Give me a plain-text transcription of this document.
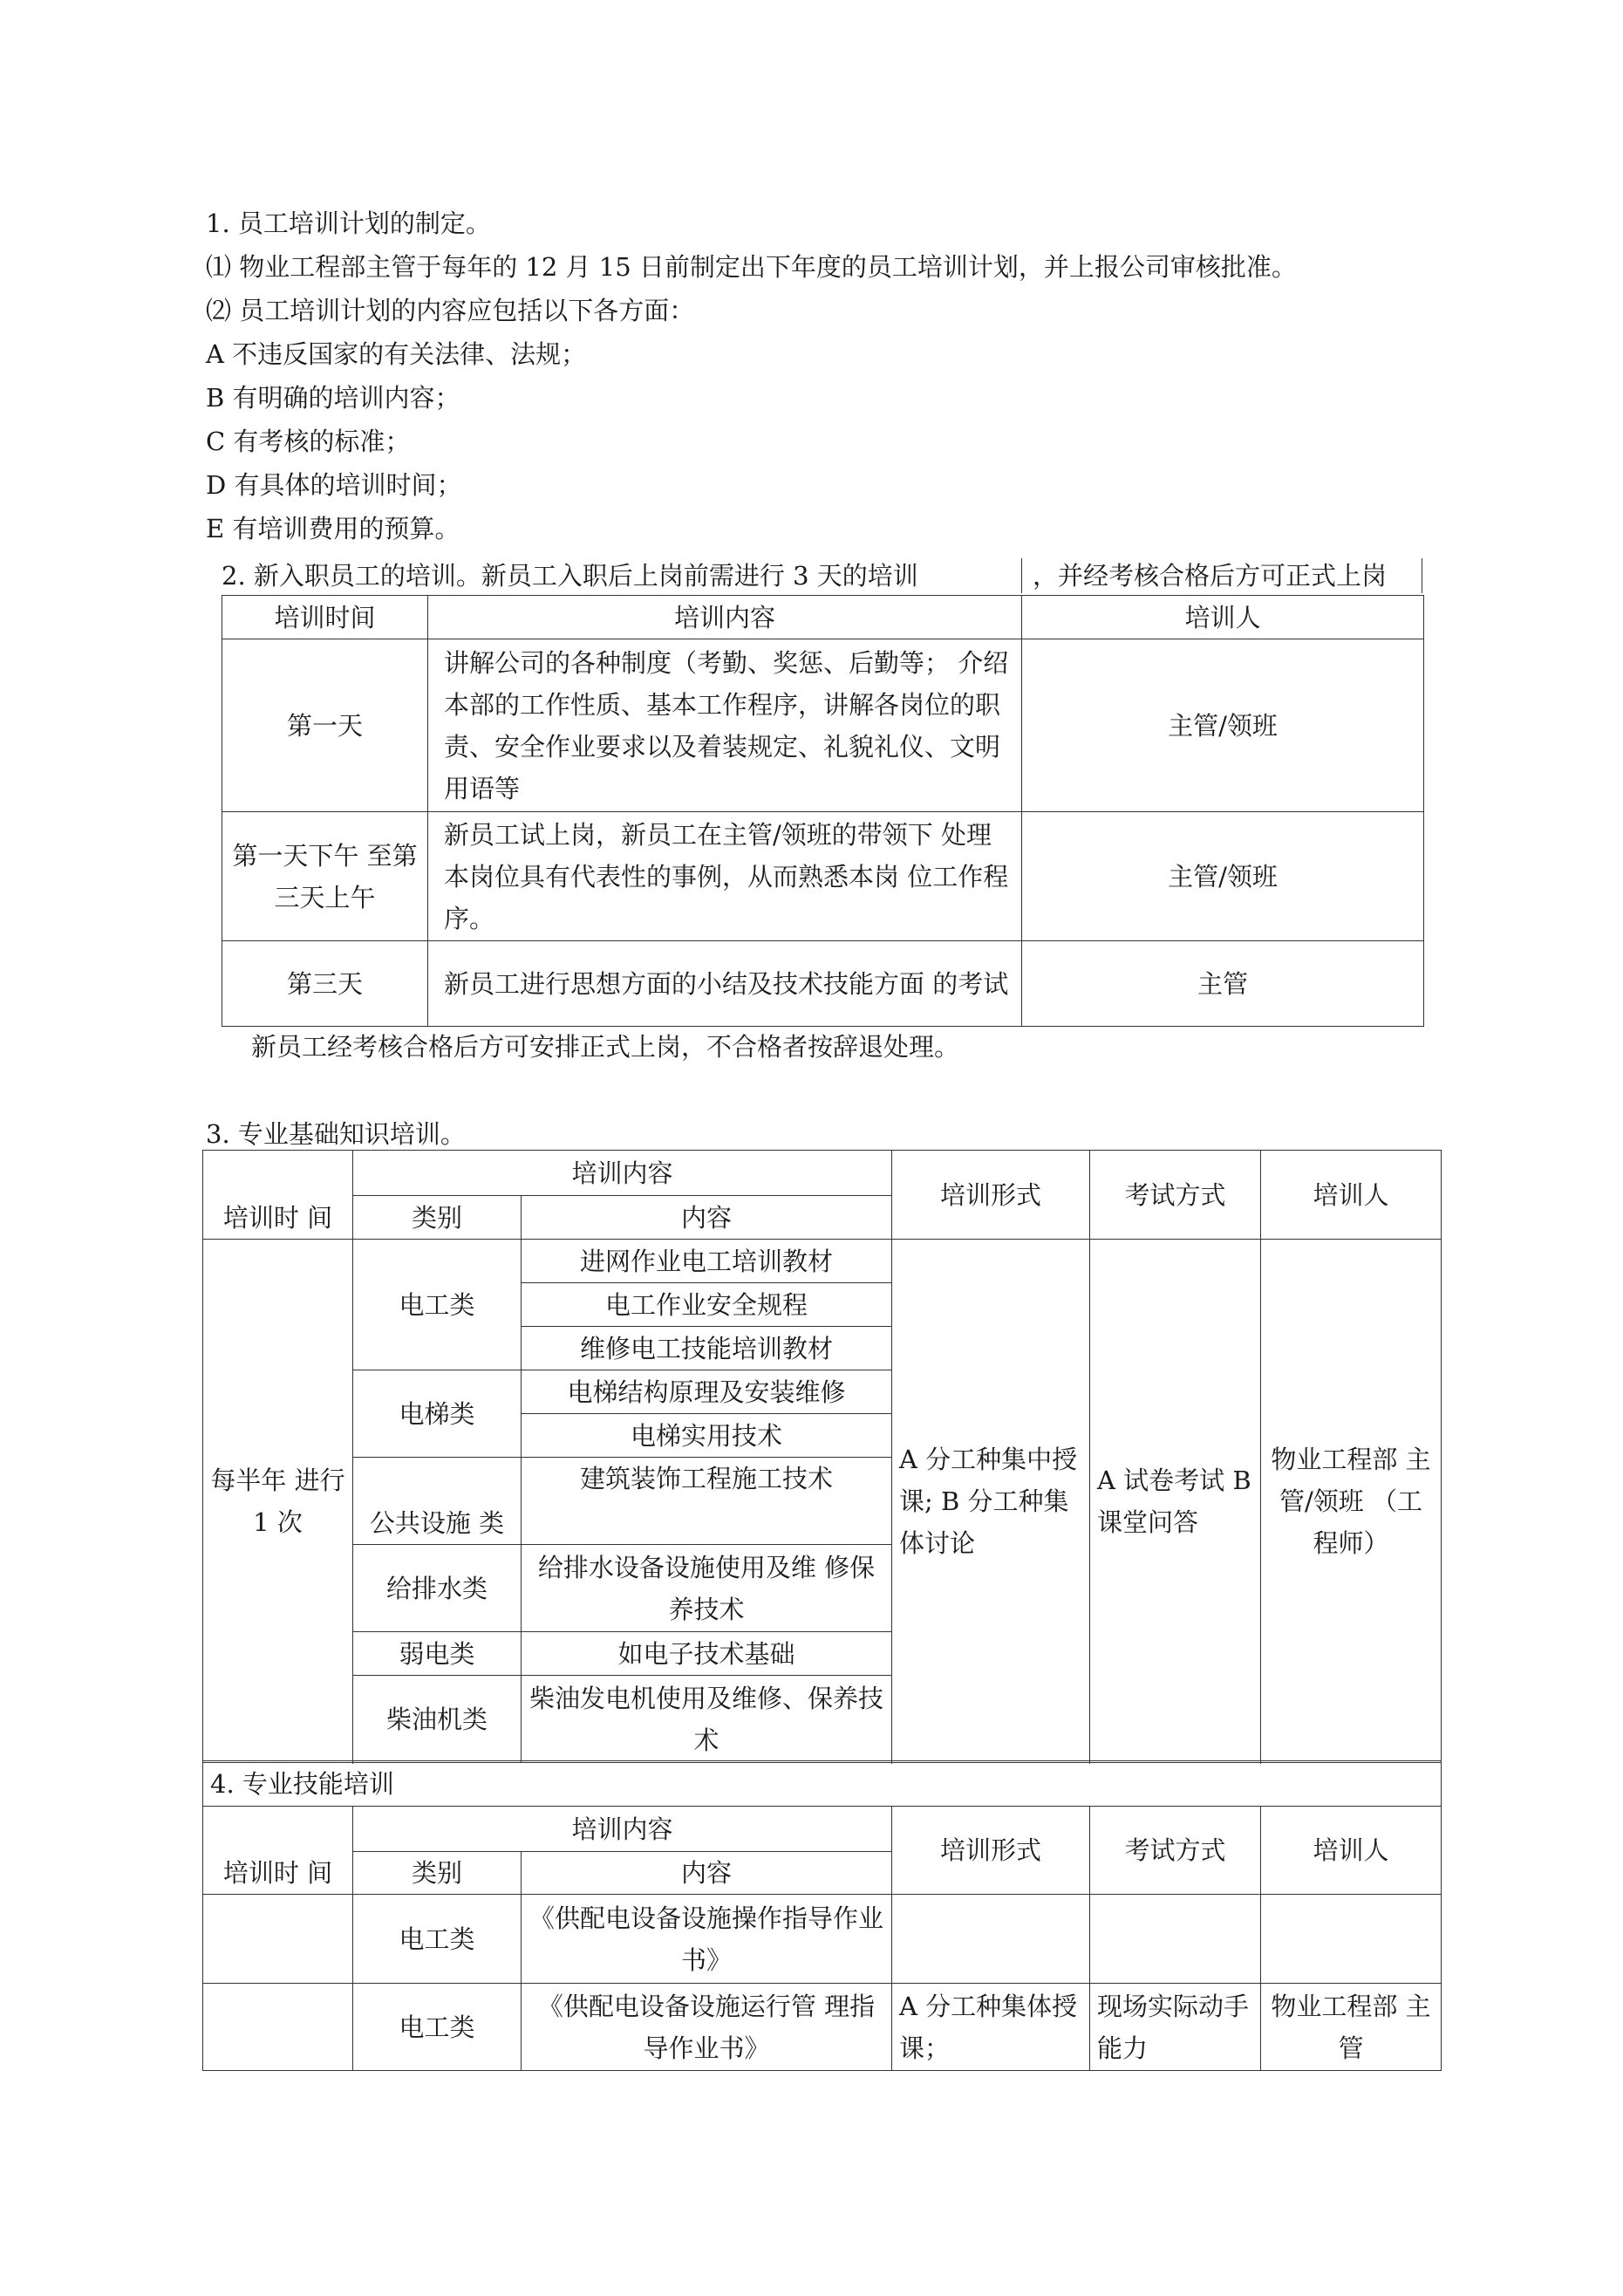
1. 员工培训计划的制定。
⑴ 物业工程部主管于每年的 12 月 15 日前制定出下年度的员工培训计划，并上报公司审核批准。
⑵ 员工培训计划的内容应包括以下各方面：
A 不违反国家的有关法律、法规；
B 有明确的培训内容；
C 有考核的标准；
D 有具体的培训时间；
E 有培训费用的预算。
2. 新入职员工的培训。新员工入职后上岗前需进行 3 天的培训	，并经考核合格后方可正式上岗
培训时间	培训内容	培训人
第一天	讲解公司的各种制度（考勤、奖惩、后勤等； 介绍本部的工作性质、基本工作程序，讲解各岗位的职责、安全作业要求以及着装规定、礼貌礼仪、文明用语等	主管/领班
第一天下午 至第三天上午	新员工试上岗，新员工在主管/领班的带领下 处理本岗位具有代表性的事例，从而熟悉本岗 位工作程序。	主管/领班
第三天	新员工进行思想方面的小结及技术技能方面 的考试	主管
新员工经考核合格后方可安排正式上岗，不合格者按辞退处理。
3. 专业基础知识培训。
培训时 间	培训内容		培训形式	考试方式	培训人
	类别	内容			
每半年 进行 1 次	电工类	进网作业电工培训教材	A 分工种集中授课; B 分工种集体讨论	A 试卷考试 B 课堂问答	物业工程部 主管/领班 （工程师）
		电工作业安全规程			
		维修电工技能培训教材			
	电梯类	电梯结构原理及安装维修			
		电梯实用技术			
	公共设施 类	建筑装饰工程施工技术			
	给排水类	给排水设备设施使用及维 修保养技术			
	弱电类	如电子技术基础			
	柴油机类	柴油发电机使用及维修、保养技术			

4. 专业技能培训					
培训时 间	培训内容		培训形式	考试方式	培训人
	类别	内容			
	电工类	《供配电设备设施操作指导作业书》			
	电工类	《供配电设备设施运行管 理指导作业书》	A 分工种集体授课；	现场实际动手能力	物业工程部 主管
